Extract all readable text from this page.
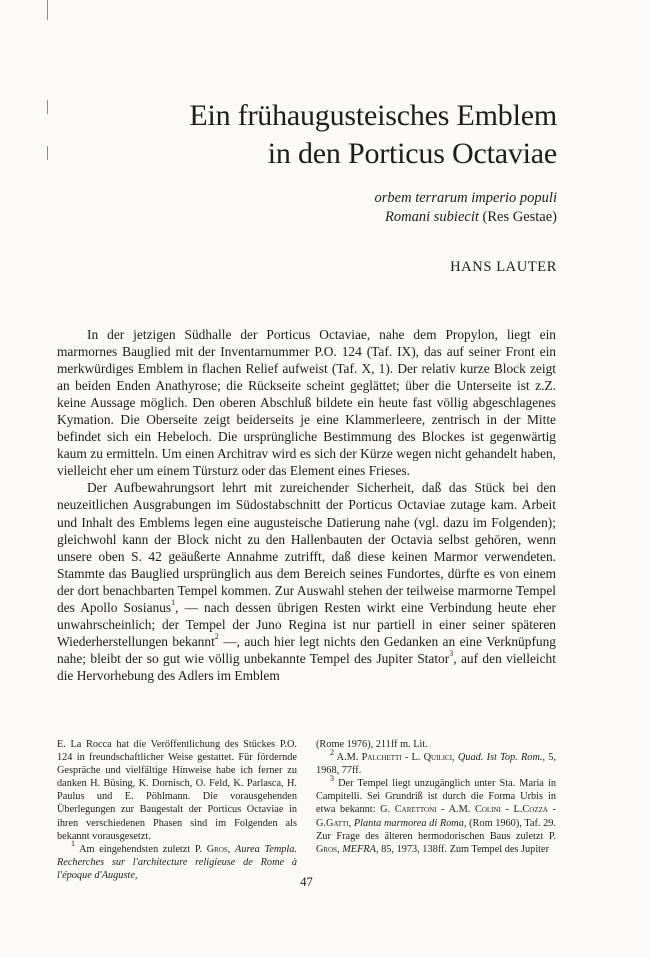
Ein frühaugusteisches Emblem
in den Porticus Octaviae
orbem terrarum imperio populi
Romani subiecit (Res Gestae)
HANS LAUTER

In der jetzigen Südhalle der Porticus Octaviae, nahe dem Propylon, liegt ein marmornes Bauglied mit der Inventarnummer P.O. 124 (Taf. IX), das auf seiner Front ein merkwürdiges Emblem in flachen Relief aufweist (Taf. X, 1). Der relativ kurze Block zeigt an beiden Enden Anathyrose; die Rückseite scheint geglättet; über die Unterseite ist z.Z. keine Aussage möglich. Den oberen Abschluß bildete ein heute fast völlig abgeschlagenes Kymation. Die Oberseite zeigt beiderseits je eine Klammerleere, zentrisch in der Mitte befindet sich ein Hebeloch. Die ursprüngliche Bestimmung des Blockes ist gegenwärtig kaum zu ermitteln. Um einen Architrav wird es sich der Kürze wegen nicht gehandelt haben, vielleicht eher um einem Türsturz oder das Element eines Frieses.

Der Aufbewahrungsort lehrt mit zureichender Sicherheit, daß das Stück bei den neuzeitlichen Ausgrabungen im Südostabschnitt der Porticus Octaviae zutage kam. Arbeit und Inhalt des Emblems legen eine augusteische Datierung nahe (vgl. dazu im Folgenden); gleichwohl kann der Block nicht zu den Hallenbauten der Octavia selbst gehören, wenn unsere oben S. 42 geäußerte Annahme zutrifft, daß diese keinen Marmor verwendeten. Stammte das Bauglied ursprünglich aus dem Bereich seines Fundortes, dürfte es von einem der dort benachbarten Tempel kommen. Zur Auswahl stehen der teilweise marmorne Tempel des Apollo Sosianus$^1$, — nach dessen übrigen Resten wirkt eine Verbindung heute eher unwahrscheinlich; der Tempel der Juno Regina ist nur partiell in einer seiner späteren Wiederherstellungen bekannt$^2$ —, auch hier legt nichts den Gedanken an eine Verknüpfung nahe; bleibt der so gut wie völlig unbekannte Tempel des Jupiter Stator$^3$, auf den vielleicht die Hervorhebung des Adlers im Emblem

E. La Rocca hat die Veröffentlichung des Stückes P.O. 124 in freundschaftlicher Weise gestattet. Für fördernde Gespräche und vielfältige Hinweise habe ich ferner zu danken H. Büsing, K. Dornisch, O. Feld, K. Parlasca, H. Paulus und E. Pöhlmann. Die vorausgehenden Überlegungen zur Baugestalt der Porticus Octaviae in ihren verschiedenen Phasen sind im Folgenden als bekannt vorausgesetzt.

$^1$ Am eingehendsten zuletzt P. Gros, Aurea Templa. Recherches sur l'architecture religieuse de Rome à l'époque d'Auguste,

(Rome 1976), 211ff m. Lit.

$^2$ A.M. Palchetti - L. Quilici, Quad. Ist Top. Rom., 5, 1968, 77ff.

$^3$ Der Tempel liegt unzugänglich unter Sta. Maria in Campitelli. Sei Grundriß ist durch die Forma Urbis in etwa bekannt: G. Carettoni - A.M. Colini - L.Cozza - G.Gatti, Planta marmorea di Roma, (Rom 1960), Taf. 29. Zur Frage des älteren hermodorischen Baus zuletzt P. Gros, MEFRA, 85, 1973, 138ff. Zum Tempel des Jupiter

47
